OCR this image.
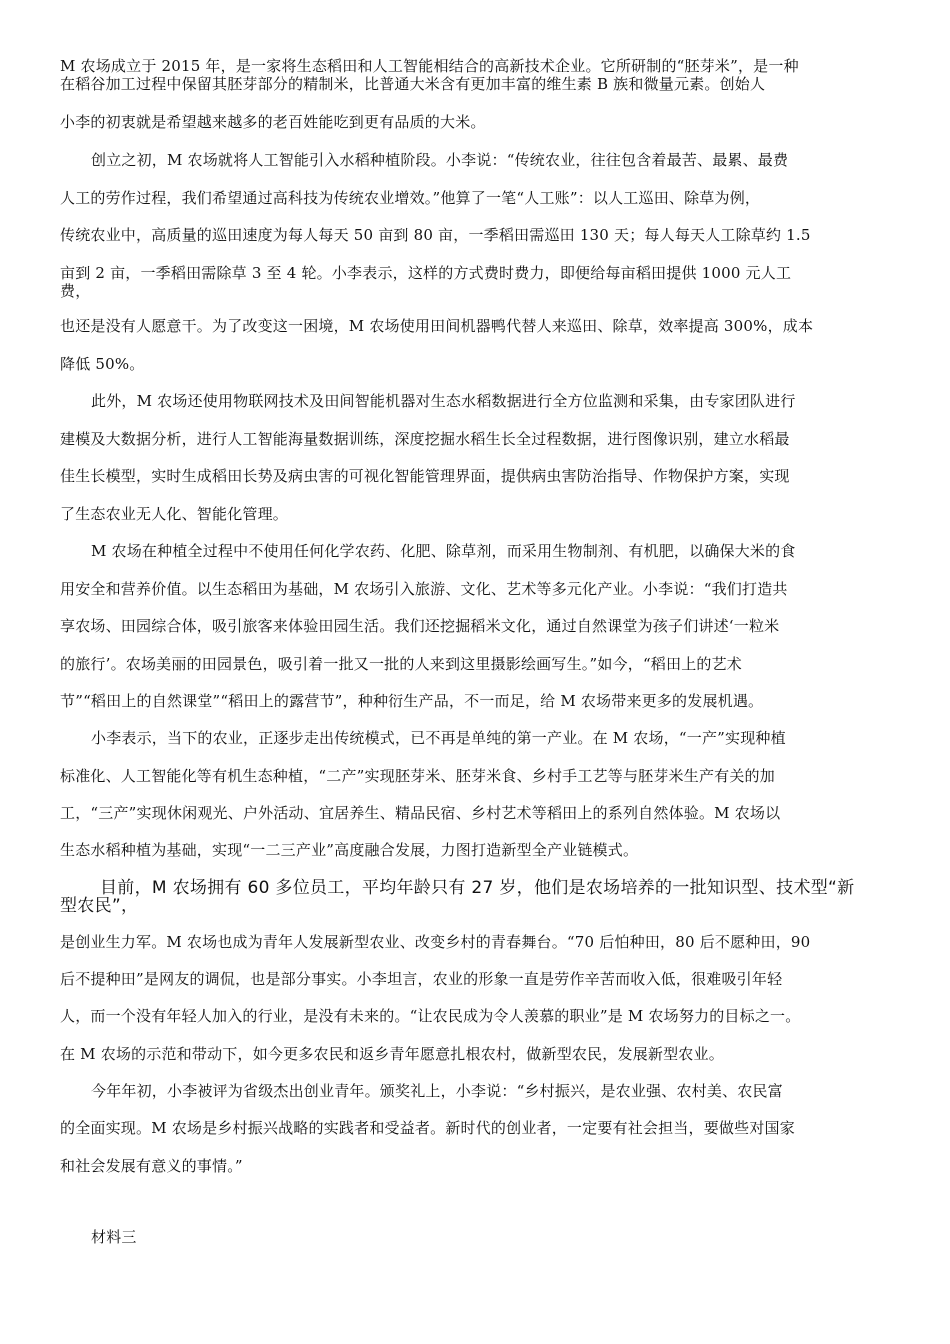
M 农场成立于 2015 年，是一家将生态稻田和人工智能相结合的高新技术企业。它所研制的“胚芽米”，是一种
在稻谷加工过程中保留其胚芽部分的精制米，比普通大米含有更加丰富的维生素 B 族和微量元素。创始人
小李的初衷就是希望越来越多的老百姓能吃到更有品质的大米。
创立之初，M 农场就将人工智能引入水稻种植阶段。小李说：“传统农业，往往包含着最苦、最累、最费
人工的劳作过程，我们希望通过高科技为传统农业增效。”他算了一笔“人工账”：以人工巡田、除草为例，
传统农业中，高质量的巡田速度为每人每天 50 亩到 80 亩，一季稻田需巡田 130 天；每人每天人工除草约 1.5
亩到 2 亩，一季稻田需除草 3 至 4 轮。小李表示，这样的方式费时费力，即便给每亩稻田提供 1000 元人工
费，
也还是没有人愿意干。为了改变这一困境，M 农场使用田间机器鸭代替人来巡田、除草，效率提高 300%，成本
降低 50%。
此外，M 农场还使用物联网技术及田间智能机器对生态水稻数据进行全方位监测和采集，由专家团队进行
建模及大数据分析，进行人工智能海量数据训练，深度挖掘水稻生长全过程数据，进行图像识别，建立水稻最
佳生长模型，实时生成稻田长势及病虫害的可视化智能管理界面，提供病虫害防治指导、作物保护方案，实现
了生态农业无人化、智能化管理。
M 农场在种植全过程中不使用任何化学农药、化肥、除草剂，而采用生物制剂、有机肥，以确保大米的食
用安全和营养价值。以生态稻田为基础，M 农场引入旅游、文化、艺术等多元化产业。小李说：“我们打造共
享农场、田园综合体，吸引旅客来体验田园生活。我们还挖掘稻米文化，通过自然课堂为孩子们讲述‘一粒米
的旅行’。农场美丽的田园景色，吸引着一批又一批的人来到这里摄影绘画写生。”如今，“稻田上的艺术
节”“稻田上的自然课堂”“稻田上的露营节”，种种衍生产品，不一而足，给 M 农场带来更多的发展机遇。
小李表示，当下的农业，正逐步走出传统模式，已不再是单纯的第一产业。在 M 农场，“一产”实现种植
标准化、人工智能化等有机生态种植，“二产”实现胚芽米、胚芽米食、乡村手工艺等与胚芽米生产有关的加
工，“三产”实现休闲观光、户外活动、宜居养生、精品民宿、乡村艺术等稻田上的系列自然体验。M 农场以
生态水稻种植为基础，实现“一二三产业”高度融合发展，力图打造新型全产业链模式。
目前，M 农场拥有 60 多位员工，平均年龄只有 27 岁，他们是农场培养的一批知识型、技术型“新
型农民”，
是创业生力军。M 农场也成为青年人发展新型农业、改变乡村的青春舞台。“70 后怕种田，80 后不愿种田，90
后不提种田”是网友的调侃，也是部分事实。小李坦言，农业的形象一直是劳作辛苦而收入低，很难吸引年轻
人，而一个没有年轻人加入的行业，是没有未来的。“让农民成为令人羡慕的职业”是 M 农场努力的目标之一。
在 M 农场的示范和带动下，如今更多农民和返乡青年愿意扎根农村，做新型农民，发展新型农业。
今年年初，小李被评为省级杰出创业青年。颁奖礼上，小李说：“乡村振兴，是农业强、农村美、农民富
的全面实现。M 农场是乡村振兴战略的实践者和受益者。新时代的创业者，一定要有社会担当，要做些对国家
和社会发展有意义的事情。”
材料三
